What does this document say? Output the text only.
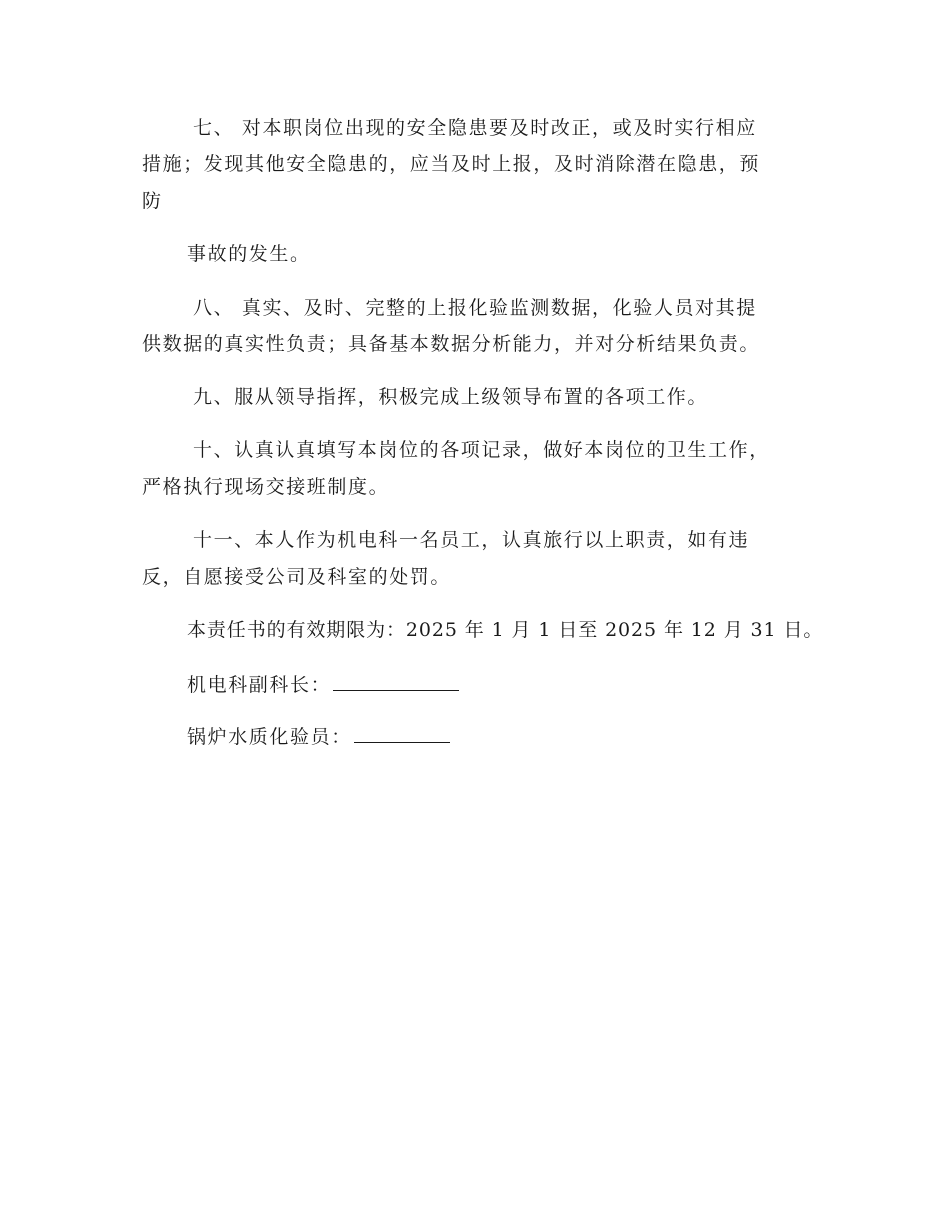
七、 对本职岗位出现的安全隐患要及时改正，或及时实行相应
措施；发现其他安全隐患的，应当及时上报，及时消除潜在隐患，预
防
事故的发生。
八、 真实、及时、完整的上报化验监测数据，化验人员对其提
供数据的真实性负责；具备基本数据分析能力，并对分析结果负责。
九、服从领导指挥，积极完成上级领导布置的各项工作。
十、认真认真填写本岗位的各项记录，做好本岗位的卫生工作，
严格执行现场交接班制度。
十一、本人作为机电科一名员工，认真旅行以上职责，如有违
反，自愿接受公司及科室的处罚。
本责任书的有效期限为：2025 年 1 月 1 日至 2025 年 12 月 31 日。
机电科副科长：
锅炉水质化验员：
